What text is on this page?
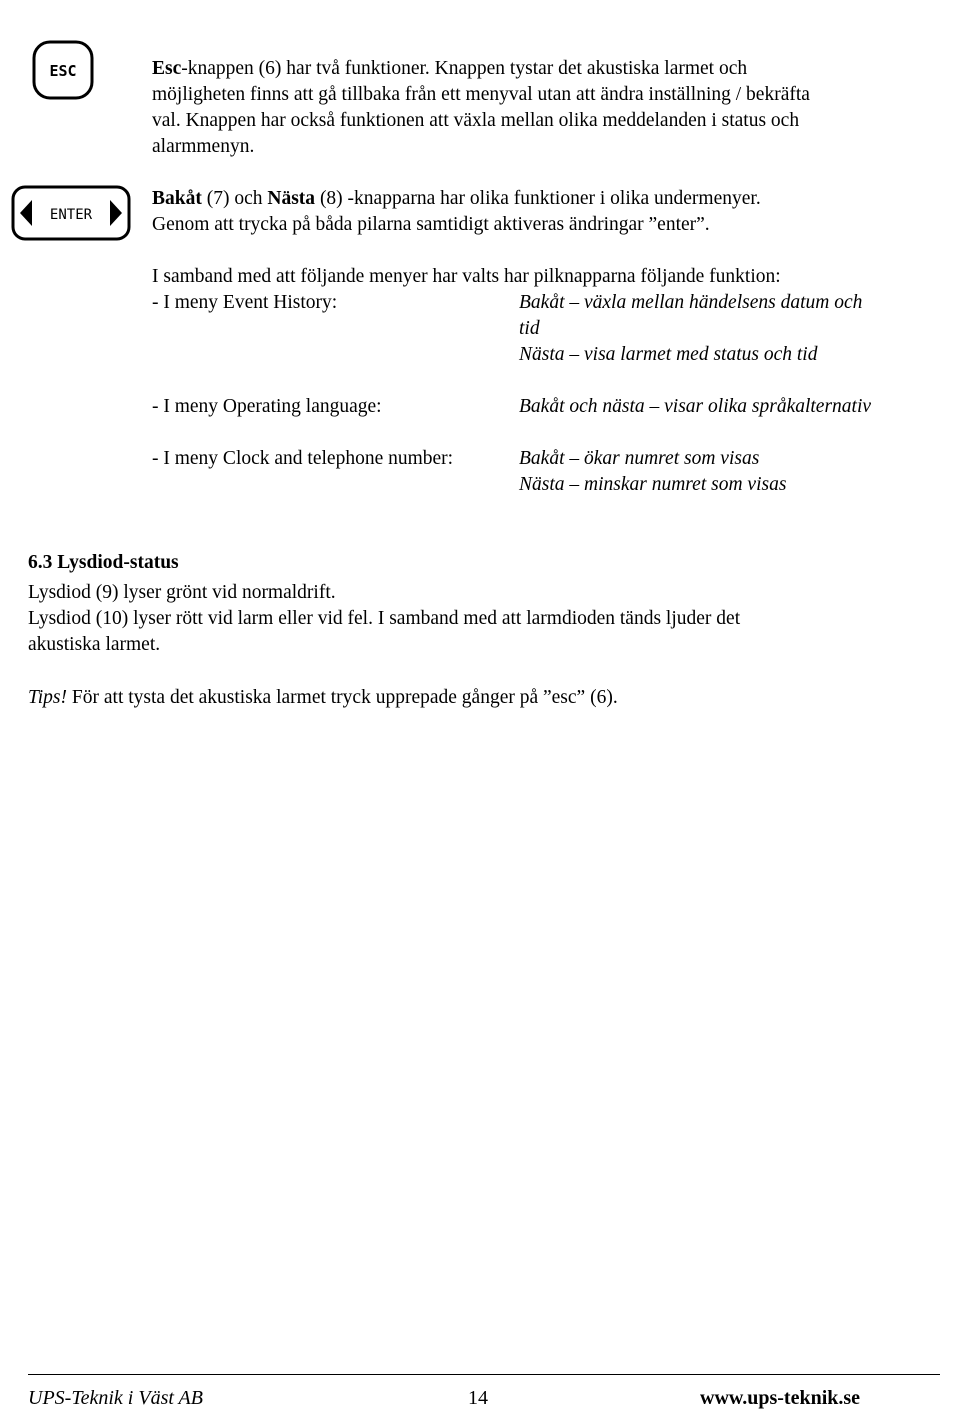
ESC	Esc-knappen (6) har två funktioner. Knappen tystar det akustiska larmet och
möjligheten finns att gå tillbaka från ett menyval utan att ändra inställning / bekräfta
val. Knappen har också funktionen att växla mellan olika meddelanden i status och
alarmmenyn.
ENTER
Bakåt (7) och Nästa (8) -knapparna har olika funktioner i olika undermenyer.
Genom att trycka på båda pilarna samtidigt aktiveras ändringar ”enter”.
I samband med att följande menyer har valts har pilknapparna följande funktion:
- I meny Event History:	Bakåt – växla mellan händelsens datum och
tid
Nästa – visa larmet med status och tid
- I meny Operating language:	Bakåt och nästa – visar olika språkalternativ
- I meny Clock and telephone number:	Bakåt – ökar numret som visas
Nästa – minskar numret som visas
6.3 Lysdiod-status
Lysdiod (9) lyser grönt vid normaldrift.
Lysdiod (10) lyser rött vid larm eller vid fel. I samband med att larmdioden tänds ljuder det
akustiska larmet.
Tips! För att tysta det akustiska larmet tryck upprepade gånger på ”esc” (6).
UPS-Teknik i Väst AB	14	www.ups-teknik.se
